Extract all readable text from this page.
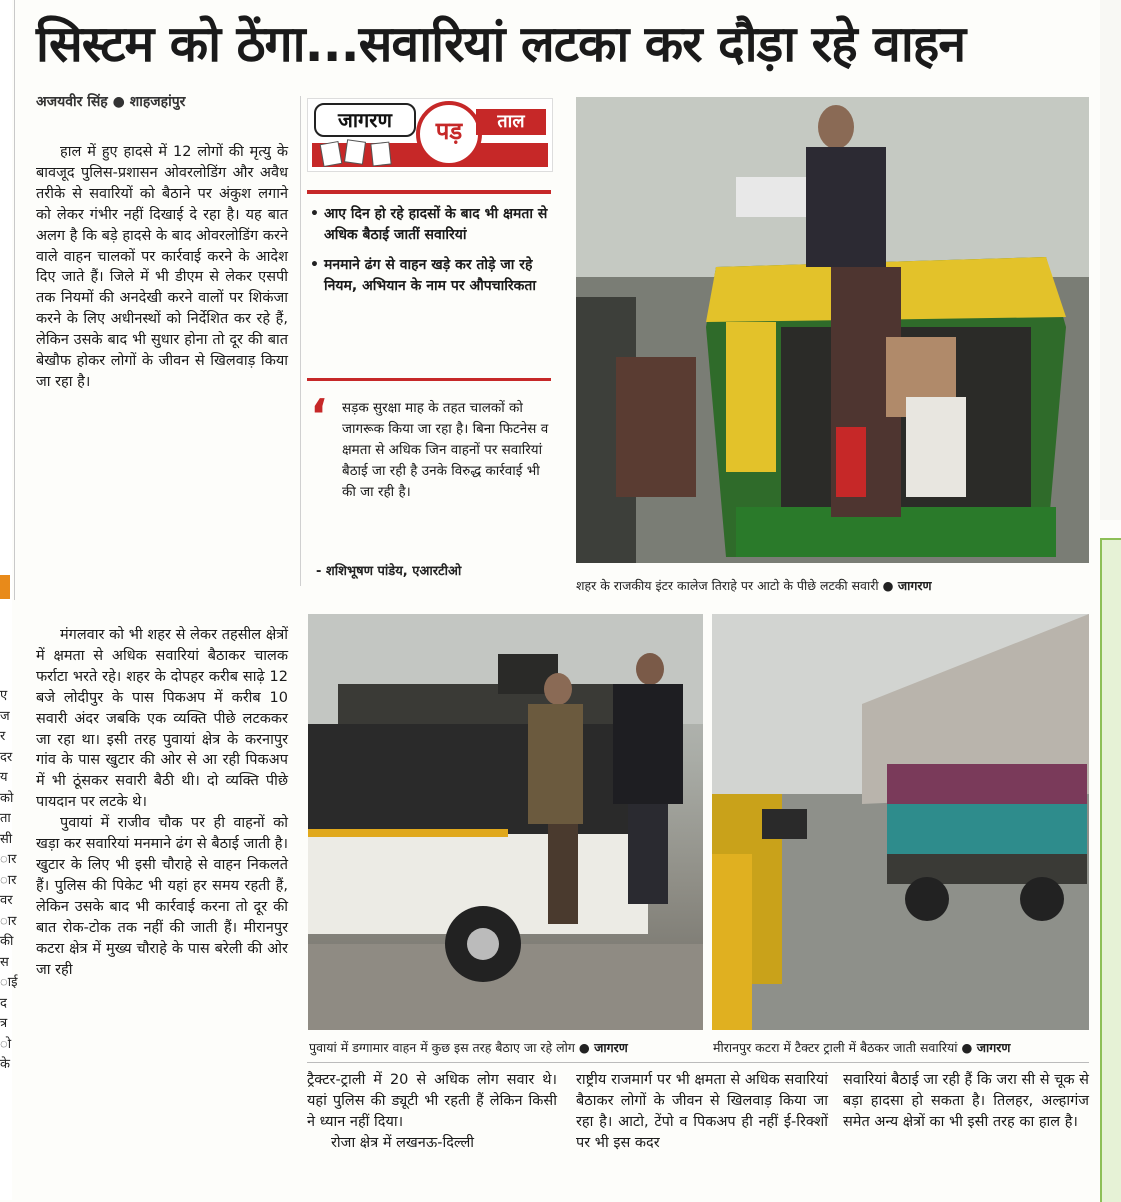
ए
ज
र
दर
य
को
ता
सी
ार
ार
वर
ार
की
स
ाई
द
त्र
ो
के
सिस्टम को ठेंगा...सवारियां लटका कर दौड़ा रहे वाहन
अजयवीर सिंह ● शाहजहांपुर

हाल में हुए हादसे में 12 लोगों की मृत्यु के बावजूद पुलिस-प्रशासन ओवरलोडिंग और अवैध तरीके से सवारियों को बैठाने पर अंकुश लगाने को लेकर गंभीर नहीं दिखाई दे रहा है। यह बात अलग है कि बड़े हादसे के बाद ओवरलोडिंग करने वाले वाहन चालकों पर कार्रवाई करने के आदेश दिए जाते हैं। जिले में भी डीएम से लेकर एसपी तक नियमों की अनदेखी करने वालों पर शिकंजा करने के लिए अधीनस्थों को निर्देशित कर रहे हैं, लेकिन उसके बाद भी सुधार होना तो दूर की बात बेखौफ होकर लोगों के जीवन से खिलवाड़ किया जा रहा है।

मंगलवार को भी शहर से लेकर तहसील क्षेत्रों में क्षमता से अधिक सवारियां बैठाकर चालक फर्राटा भरते रहे। शहर के दोपहर करीब साढ़े 12 बजे लोदीपुर के पास पिकअप में करीब 10 सवारी अंदर जबकि एक व्यक्ति पीछे लटककर जा रहा था। इसी तरह पुवायां क्षेत्र के करनापुर गांव के पास खुटार की ओर से आ रही पिकअप में भी ठूंसकर सवारी बैठी थी। दो व्यक्ति पीछे पायदान पर लटके थे।

पुवायां में राजीव चौक पर ही वाहनों को खड़ा कर सवारियां मनमाने ढंग से बैठाई जाती है। खुटार के लिए भी इसी चौराहे से वाहन निकलते हैं। पुलिस की पिकेट भी यहां हर समय रहती हैं, लेकिन उसके बाद भी कार्रवाई करना तो दूर की बात रोक-टोक तक नहीं की जाती हैं। मीरानपुर कटरा क्षेत्र में मुख्य चौराहे के पास बरेली की ओर जा रही

जागरण	पड़	ताल
• आए दिन हो रहे हादसों के बाद भी क्षमता से अधिक बैठाई जातीं सवारियां
• मनमाने ढंग से वाहन खड़े कर तोड़े जा रहे नियम, अभियान के नाम पर औपचारिकता
‘	सड़क सुरक्षा माह के तहत चालकों को जागरूक किया जा रहा है। बिना फिटनेस व क्षमता से अधिक जिन वाहनों पर सवारियां बैठाई जा रही है उनके विरुद्ध कार्रवाई भी की जा रही है।
- शशिभूषण पांडेय, एआरटीओ
शहर के राजकीय इंटर कालेज तिराहे पर आटो के पीछे लटकी सवारी ● जागरण
पुवायां में डग्गामार वाहन में कुछ इस तरह बैठाए जा रहे लोग ● जागरण	मीरानपुर कटरा में टैक्टर ट्राली में बैठकर जाती सवारियां ● जागरण

ट्रैक्टर-ट्राली में 20 से अधिक लोग सवार थे। यहां पुलिस की ड्यूटी भी रहती हैं लेकिन किसी ने ध्यान नहीं दिया।

रोजा क्षेत्र में लखनऊ-दिल्ली

राष्ट्रीय राजमार्ग पर भी क्षमता से अधिक सवारियां बैठाकर लोगों के जीवन से खिलवाड़ किया जा रहा है। आटो, टेंपो व पिकअप ही नहीं ई-रिक्शों पर भी इस कदर

सवारियां बैठाई जा रही हैं कि जरा सी से चूक से बड़ा हादसा हो सकता है। तिलहर, अल्हागंज समेत अन्य क्षेत्रों का भी इसी तरह का हाल है।
